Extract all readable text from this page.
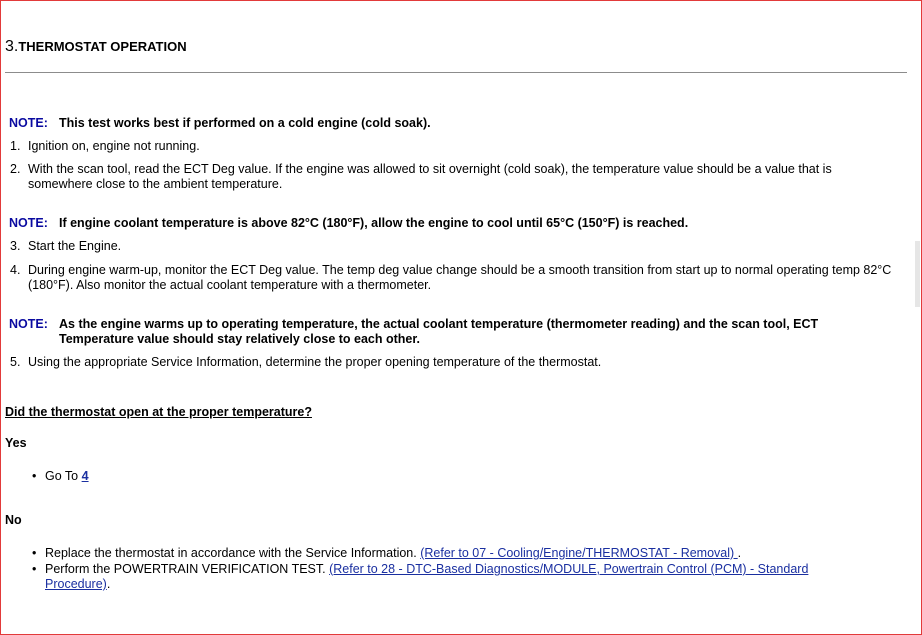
3.THERMOSTAT OPERATION
NOTE: This test works best if performed on a cold engine (cold soak).
1. Ignition on, engine not running.
2. With the scan tool, read the ECT Deg value. If the engine was allowed to sit overnight (cold soak), the temperature value should be a value that is somewhere close to the ambient temperature.
NOTE: If engine coolant temperature is above 82°C (180°F), allow the engine to cool until 65°C (150°F) is reached.
3. Start the Engine.
4. During engine warm-up, monitor the ECT Deg value. The temp deg value change should be a smooth transition from start up to normal operating temp 82°C (180°F). Also monitor the actual coolant temperature with a thermometer.
NOTE: As the engine warms up to operating temperature, the actual coolant temperature (thermometer reading) and the scan tool, ECT Temperature value should stay relatively close to each other.
5. Using the appropriate Service Information, determine the proper opening temperature of the thermostat.
Did the thermostat open at the proper temperature?
Yes
• Go To 4
No
• Replace the thermostat in accordance with the Service Information. (Refer to 07 - Cooling/Engine/THERMOSTAT - Removal) .
• Perform the POWERTRAIN VERIFICATION TEST. (Refer to 28 - DTC-Based Diagnostics/MODULE, Powertrain Control (PCM) - Standard Procedure).
